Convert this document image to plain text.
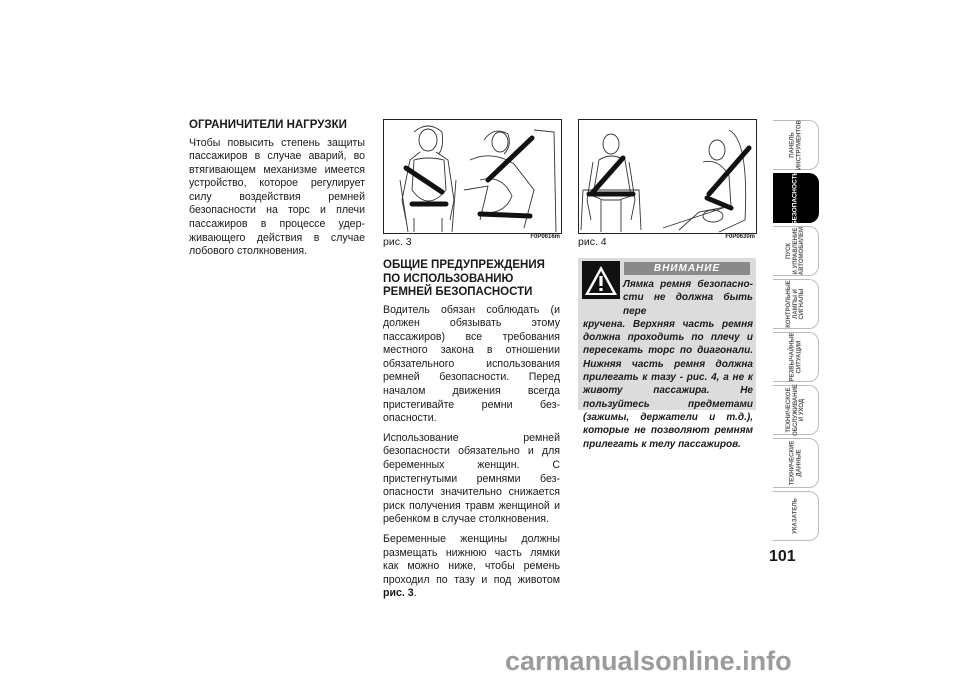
ОГРАНИЧИТЕЛИ НАГРУЗКИ

Чтобы повысить степень защиты пассажиров в случае аварий, во втягивающем механизме имеется устройство, которое регулирует силу воздействия ремней безопасности на торс и плечи пассажиров в процессе удерживающего действия в случае лобового столкновения.

рис. 3	F0P0616m рис. 4	F0P0630m
ОБЩИЕ ПРЕДУПРЕЖДЕНИЯ ПО ИСПОЛЬЗОВАНИЮ РЕМНЕЙ БЕЗОПАСНОСТИ

Водитель обязан соблюдать (и должен обязывать этому пассажиров) все требования местного закона в отношении обязательного использования ремней безопасности. Перед началом движения всегда пристегивайте ремни безопасности.

Использование ремней безопасности обязательно и для беременных женщин. С пристегнутыми ремнями безопасности значительно снижается риск получения травм женщиной и ребенком в случае столкновения.

Беременные женщины должны размещать нижнюю часть лямки как можно ниже, чтобы ремень проходил по тазу и под животом рис. 3.

ВНИМАНИЕ
Лямка ремня безопасности не должна быть пере
кручена. Верхняя часть ремня должна проходить по плечу и пересекать торс по диагонали. Нижняя часть ремня должна прилегать к тазу - рис. 4, а не к животу пассажира. Не пользуйтесь предметами (зажимы, держатели и т.д.), которые не позволяют ремням прилегать к телу пассажиров.
ПАНЕЛЬ
ИНСТРУМЕНТОВ
БЕЗОПАСНОСТЬ
ПУСК
И УПРАВЛЕНИЕ
АВТОМОБИЛЕМ
КОНТРОЛЬНЫЕ
ЛАМПЫ И
СИГНАЛЫ
РЕЗВЫЧАЙНЫЕ
СИТУАЦИИ
ТЕХНИЧЕСКОЕ
ОБСЛУЖИВАНИЕ
И УХОД
ТЕХНИЧЕСКИЕ
ДАННЫЕ
УКАЗАТЕЛЬ
101
carmanualsonline.info
